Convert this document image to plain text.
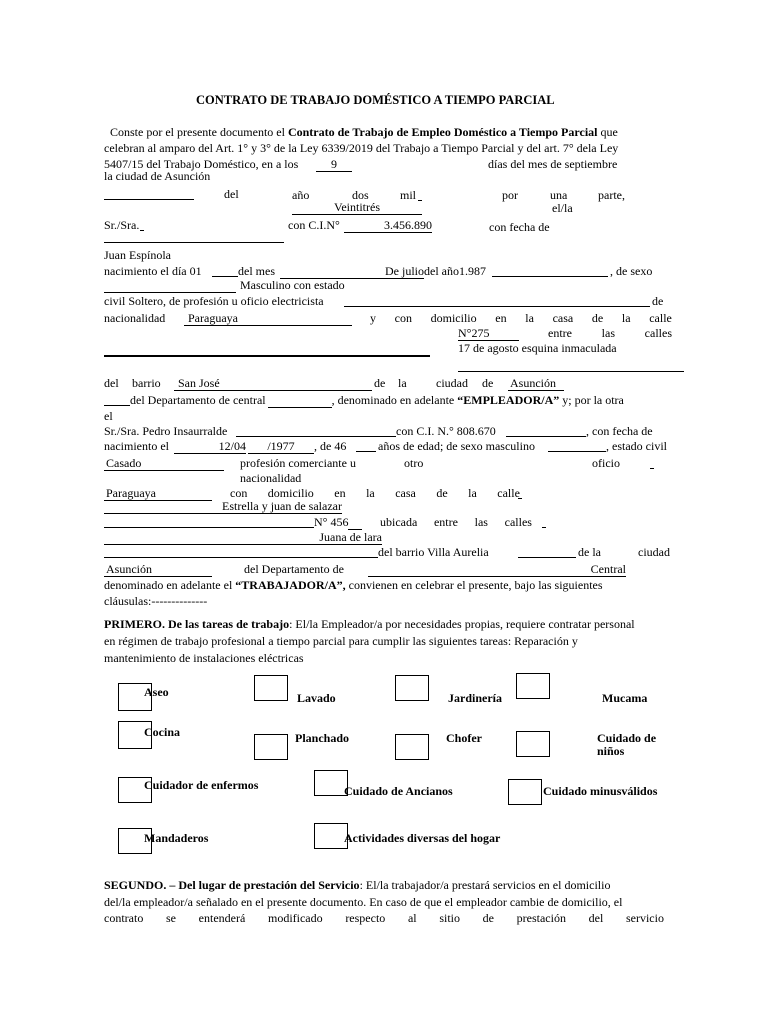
CONTRATO DE TRABAJO DOMÉSTICO A TIEMPO PARCIAL
Conste por el presente documento el Contrato de Trabajo de Empleo Doméstico a Tiempo Parcial que
celebran al amparo del Art. 1° y 3° de la Ley 6339/2019 del Trabajo a Tiempo Parcial y del art. 7° dela Ley
5407/15 del Trabajo Doméstico, en a los	9	días del mes de septiembre
la ciudad de Asunción
del	año	dos	mil	por	una	parte,
Veintitrés	el/la
Sr./Sra.	con C.I.N°	3.456.890	con fecha de
Juan Espínola
nacimiento el día 01	del mes	De julio del año1.987	, de sexo
Masculino con estado
civil Soltero, de profesión u oficio electricista	de
nacionalidad	Paraguaya	y con domicilio en la casa de la calle
N°275	entre las calles
17 de agosto esquina inmaculada
del barrio	San José	de la ciudad de Asunción
del Departamento de central	, denominado en adelante “EMPLEADOR/A” y; por la otra
el
Sr./Sra. Pedro Insaurralde	con C.I. N.° 808.670	, con fecha de
nacimiento el	12/04	/1977	, de 46	años de edad; de sexo masculino	, estado civil
Casado	profesión comerciante u	otro	oficio
nacionalidad
Paraguaya	con domicilio en la casa de la calle
Estrella y juan de salazar
N° 456	ubicada entre las calles
Juana de lara
del barrio Villa Aurelia	de la	ciudad
Asunción	del Departamento de	Central
denominado en adelante el “TRABAJADOR/A”, convienen en celebrar el presente, bajo las siguientes
cláusulas:--------------
PRIMERO. De las tareas de trabajo: El/la Empleador/a por necesidades propias, requiere contratar personal
en régimen de trabajo profesional a tiempo parcial para cumplir las siguientes tareas: Reparación y
mantenimiento de instalaciones eléctricas
Aseo	Lavado	Jardinería	Mucama
Cocina	Planchado	Chofer	Cuidado de
niños
Cuidador de enfermos	Cuidado de Ancianos	Cuidado minusválidos
Mandaderos	Actividades diversas del hogar
SEGUNDO. – Del lugar de prestación del Servicio: El/la trabajador/a prestará servicios en el domicilio
del/la empleador/a señalado en el presente documento. En caso de que el empleador cambie de domicilio, el
contrato se entenderá modificado respecto al sitio de prestación del servicio
